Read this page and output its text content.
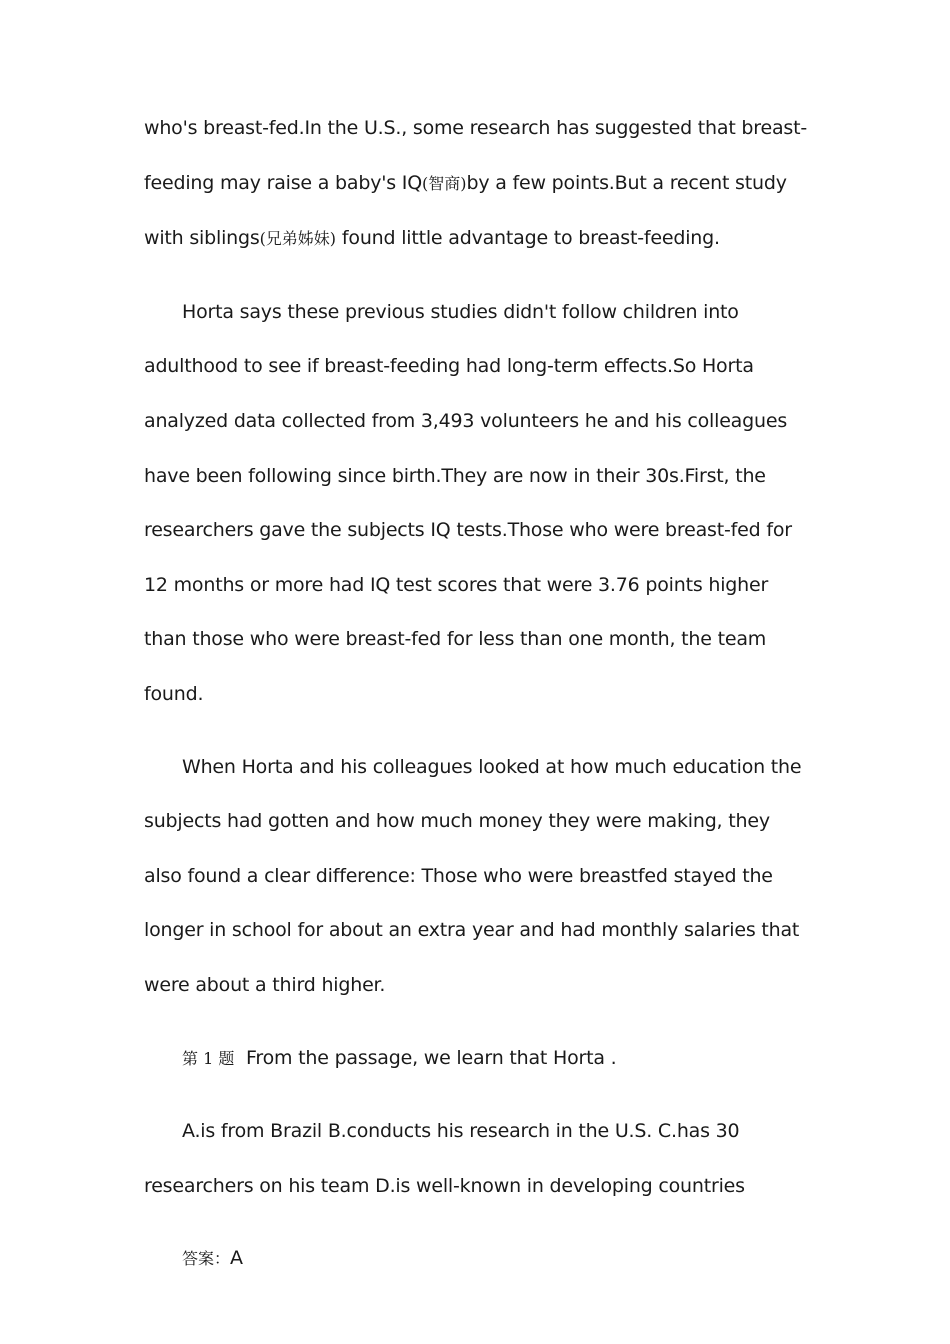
who's breast-fed.In the U.S., some research has suggested that breast-feeding may raise a baby's IQ(智商)by a few points.But a recent study with siblings(兄弟姊妹) found little advantage to breast-feeding.

Horta says these previous studies didn't follow children into adulthood to see if breast-feeding had long-term effects.So Horta analyzed data collected from 3,493 volunteers he and his colleagues have been following since birth.They are now in their 30s.First, the researchers gave the subjects IQ tests.Those who were breast-fed for 12 months or more had IQ test scores that were 3.76 points higher than those who were breast-fed for less than one month, the team found.

When Horta and his colleagues looked at how much education the subjects had gotten and how much money they were making, they also found a clear difference: Those who were breastfed stayed the longer in school for about an extra year and had monthly salaries that were about a third higher.

第 1 题  From the passage, we learn that Horta .

A.is from Brazil B.conducts his research in the U.S. C.has 30 researchers on his team D.is well-known in developing countries

答案：A
